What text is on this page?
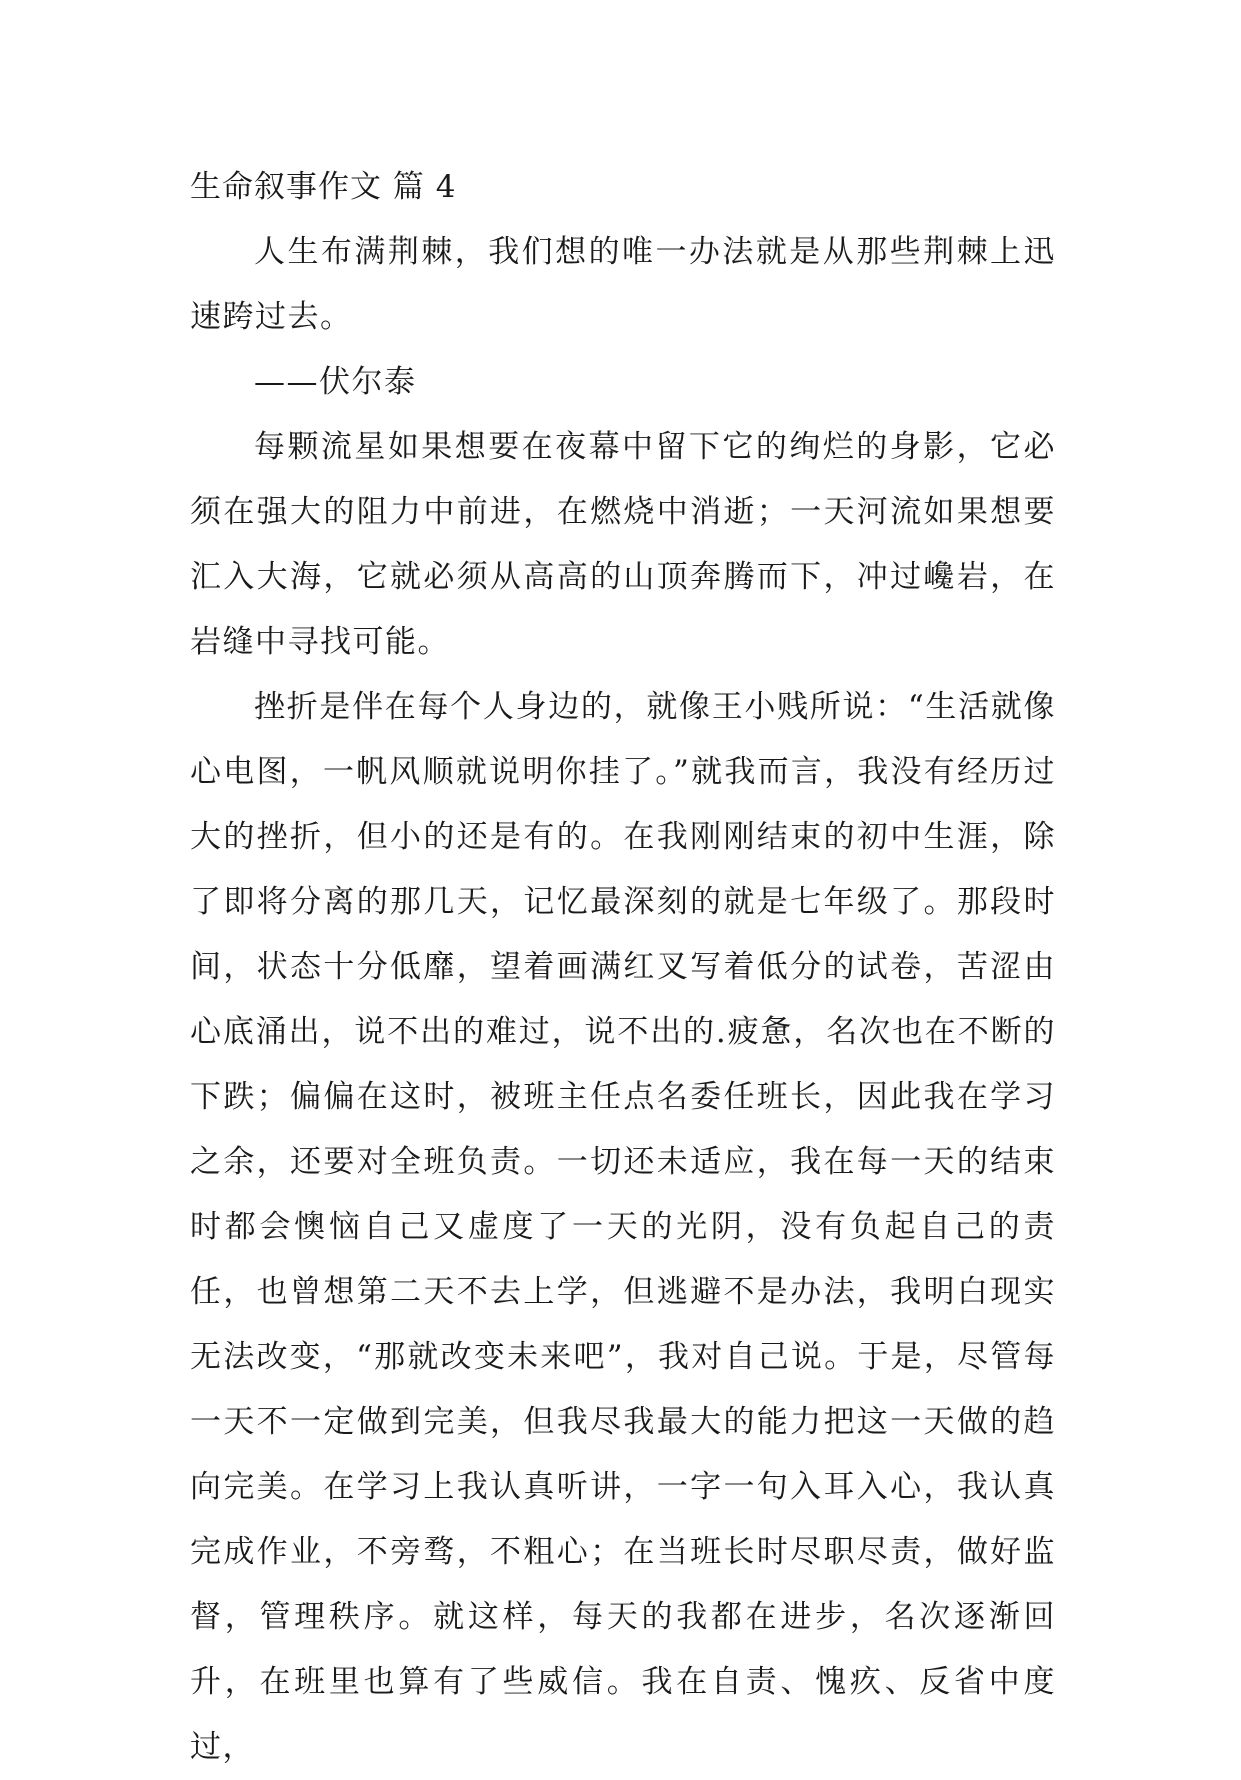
生命叙事作文 篇 4

人生布满荆棘，我们想的唯一办法就是从那些荆棘上迅速跨过去。

——伏尔泰

每颗流星如果想要在夜幕中留下它的绚烂的身影，它必须在强大的阻力中前进，在燃烧中消逝；一天河流如果想要汇入大海，它就必须从高高的山顶奔腾而下，冲过巉岩，在岩缝中寻找可能。

挫折是伴在每个人身边的，就像王小贱所说：“生活就像心电图，一帆风顺就说明你挂了。”就我而言，我没有经历过大的挫折，但小的还是有的。在我刚刚结束的初中生涯，除了即将分离的那几天，记忆最深刻的就是七年级了。那段时间，状态十分低靡，望着画满红叉写着低分的试卷，苦涩由心底涌出，说不出的难过，说不出的.疲惫，名次也在不断的下跌；偏偏在这时，被班主任点名委任班长，因此我在学习之余，还要对全班负责。一切还未适应，我在每一天的结束时都会懊恼自己又虚度了一天的光阴，没有负起自己的责任，也曾想第二天不去上学，但逃避不是办法，我明白现实无法改变，“那就改变未来吧”，我对自己说。于是，尽管每一天不一定做到完美，但我尽我最大的能力把这一天做的趋向完美。在学习上我认真听讲，一字一句入耳入心，我认真完成作业，不旁骛，不粗心；在当班长时尽职尽责，做好监督，管理秩序。就这样，每天的我都在进步，名次逐渐回升，在班里也算有了些威信。我在自责、愧疚、反省中度过，
